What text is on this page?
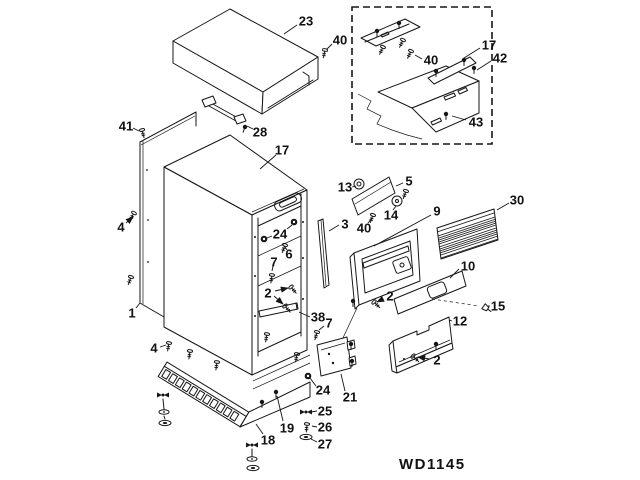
23
40	17
42
40
43
41	28
17
13	5
14
3 40
9
30
24
6
7
2
38 7
2
10
15
12
2
1
4
4
24 21
25
26
27
18
19
WD1145
